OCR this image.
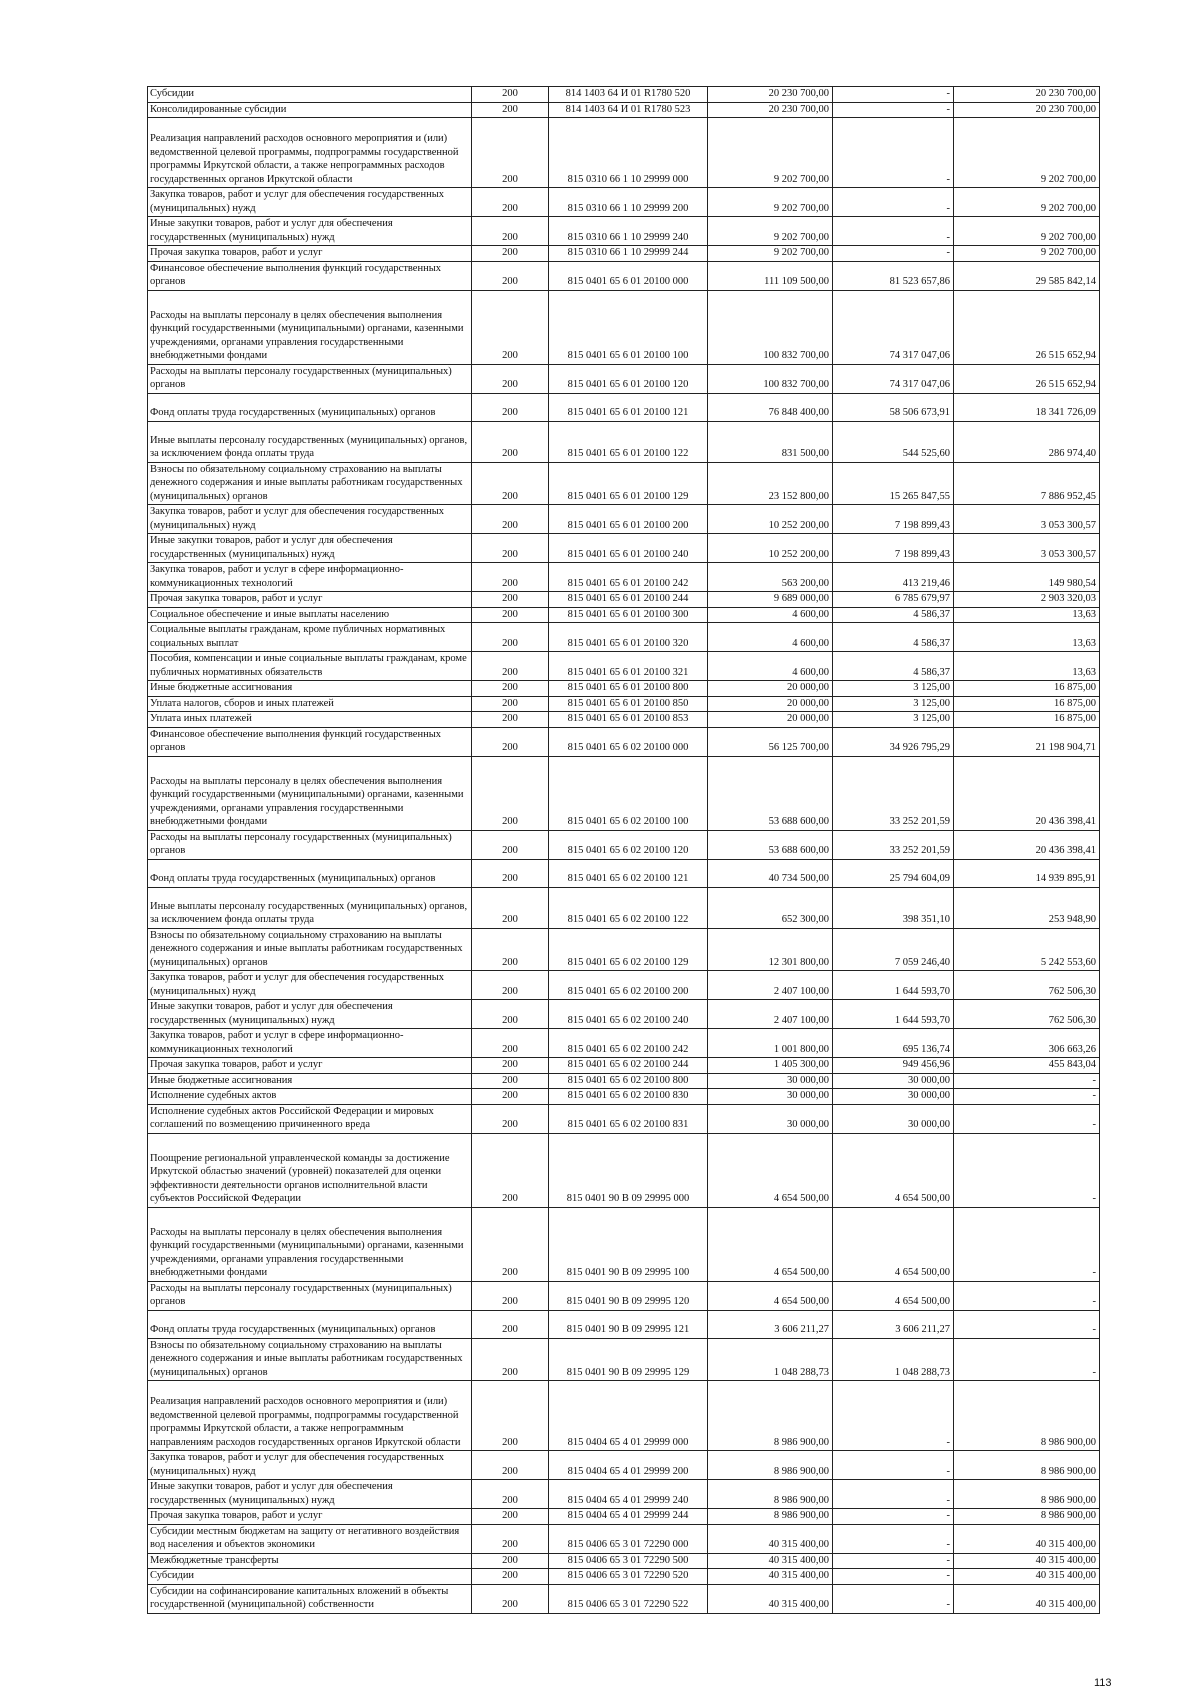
Субсидии	200	814 1403 64 И 01 R1780 520	20 230 700,00	-	20 230 700,00
Консолидированные субсидии	200	814 1403 64 И 01 R1780 523	20 230 700,00	-	20 230 700,00
Реализация направлений расходов основного мероприятия и (или) ведомственной целевой программы, подпрограммы государственной программы Иркутской области, а также непрограммных расходов государственных органов Иркутской области	200	815 0310 66 1 10 29999 000	9 202 700,00	-	9 202 700,00
Закупка товаров, работ и услуг для обеспечения государственных (муниципальных) нужд	200	815 0310 66 1 10 29999 200	9 202 700,00	-	9 202 700,00
Иные закупки товаров, работ и услуг для обеспечения государственных (муниципальных) нужд	200	815 0310 66 1 10 29999 240	9 202 700,00	-	9 202 700,00
Прочая закупка товаров, работ и услуг	200	815 0310 66 1 10 29999 244	9 202 700,00	-	9 202 700,00
Финансовое обеспечение выполнения функций государственных органов	200	815 0401 65 6 01 20100 000	111 109 500,00	81 523 657,86	29 585 842,14
Расходы на выплаты персоналу в целях обеспечения выполнения функций государственными (муниципальными) органами, казенными учреждениями, органами управления государственными внебюджетными фондами	200	815 0401 65 6 01 20100 100	100 832 700,00	74 317 047,06	26 515 652,94
Расходы на выплаты персоналу государственных (муниципальных) органов	200	815 0401 65 6 01 20100 120	100 832 700,00	74 317 047,06	26 515 652,94
Фонд оплаты труда государственных (муниципальных) органов	200	815 0401 65 6 01 20100 121	76 848 400,00	58 506 673,91	18 341 726,09
Иные выплаты персоналу государственных (муниципальных) органов, за исключением фонда оплаты труда	200	815 0401 65 6 01 20100 122	831 500,00	544 525,60	286 974,40
Взносы по обязательному социальному страхованию на выплаты денежного содержания и иные выплаты работникам государственных (муниципальных) органов	200	815 0401 65 6 01 20100 129	23 152 800,00	15 265 847,55	7 886 952,45
Закупка товаров, работ и услуг для обеспечения государственных (муниципальных) нужд	200	815 0401 65 6 01 20100 200	10 252 200,00	7 198 899,43	3 053 300,57
Иные закупки товаров, работ и услуг для обеспечения государственных (муниципальных) нужд	200	815 0401 65 6 01 20100 240	10 252 200,00	7 198 899,43	3 053 300,57
Закупка товаров, работ и услуг в сфере информационно-коммуникационных технологий	200	815 0401 65 6 01 20100 242	563 200,00	413 219,46	149 980,54
Прочая закупка товаров, работ и услуг	200	815 0401 65 6 01 20100 244	9 689 000,00	6 785 679,97	2 903 320,03
Социальное обеспечение и иные выплаты населению	200	815 0401 65 6 01 20100 300	4 600,00	4 586,37	13,63
Социальные выплаты гражданам, кроме публичных нормативных социальных выплат	200	815 0401 65 6 01 20100 320	4 600,00	4 586,37	13,63
Пособия, компенсации и иные социальные выплаты гражданам, кроме публичных нормативных обязательств	200	815 0401 65 6 01 20100 321	4 600,00	4 586,37	13,63
Иные бюджетные ассигнования	200	815 0401 65 6 01 20100 800	20 000,00	3 125,00	16 875,00
Уплата налогов, сборов и иных платежей	200	815 0401 65 6 01 20100 850	20 000,00	3 125,00	16 875,00
Уплата иных платежей	200	815 0401 65 6 01 20100 853	20 000,00	3 125,00	16 875,00
Финансовое обеспечение выполнения функций государственных органов	200	815 0401 65 6 02 20100 000	56 125 700,00	34 926 795,29	21 198 904,71
Расходы на выплаты персоналу в целях обеспечения выполнения функций государственными (муниципальными) органами, казенными учреждениями, органами управления государственными внебюджетными фондами	200	815 0401 65 6 02 20100 100	53 688 600,00	33 252 201,59	20 436 398,41
Расходы на выплаты персоналу государственных (муниципальных) органов	200	815 0401 65 6 02 20100 120	53 688 600,00	33 252 201,59	20 436 398,41
Фонд оплаты труда государственных (муниципальных) органов	200	815 0401 65 6 02 20100 121	40 734 500,00	25 794 604,09	14 939 895,91
Иные выплаты персоналу государственных (муниципальных) органов, за исключением фонда оплаты труда	200	815 0401 65 6 02 20100 122	652 300,00	398 351,10	253 948,90
Взносы по обязательному социальному страхованию на выплаты денежного содержания и иные выплаты работникам государственных (муниципальных) органов	200	815 0401 65 6 02 20100 129	12 301 800,00	7 059 246,40	5 242 553,60
Закупка товаров, работ и услуг для обеспечения государственных (муниципальных) нужд	200	815 0401 65 6 02 20100 200	2 407 100,00	1 644 593,70	762 506,30
Иные закупки товаров, работ и услуг для обеспечения государственных (муниципальных) нужд	200	815 0401 65 6 02 20100 240	2 407 100,00	1 644 593,70	762 506,30
Закупка товаров, работ и услуг в сфере информационно-коммуникационных технологий	200	815 0401 65 6 02 20100 242	1 001 800,00	695 136,74	306 663,26
Прочая закупка товаров, работ и услуг	200	815 0401 65 6 02 20100 244	1 405 300,00	949 456,96	455 843,04
Иные бюджетные ассигнования	200	815 0401 65 6 02 20100 800	30 000,00	30 000,00	-
Исполнение судебных актов	200	815 0401 65 6 02 20100 830	30 000,00	30 000,00	-
Исполнение судебных актов Российской Федерации и мировых соглашений по возмещению причиненного вреда	200	815 0401 65 6 02 20100 831	30 000,00	30 000,00	-
Поощрение региональной управленческой команды за достижение Иркутской областью значений (уровней) показателей для оценки эффективности деятельности органов исполнительной власти субъектов Российской Федерации	200	815 0401 90 В 09 29995 000	4 654 500,00	4 654 500,00	-
Расходы на выплаты персоналу в целях обеспечения выполнения функций государственными (муниципальными) органами, казенными учреждениями, органами управления государственными внебюджетными фондами	200	815 0401 90 В 09 29995 100	4 654 500,00	4 654 500,00	-
Расходы на выплаты персоналу государственных (муниципальных) органов	200	815 0401 90 В 09 29995 120	4 654 500,00	4 654 500,00	-
Фонд оплаты труда государственных (муниципальных) органов	200	815 0401 90 В 09 29995 121	3 606 211,27	3 606 211,27	-
Взносы по обязательному социальному страхованию на выплаты денежного содержания и иные выплаты работникам государственных (муниципальных) органов	200	815 0401 90 В 09 29995 129	1 048 288,73	1 048 288,73	-
Реализация направлений расходов основного мероприятия и (или) ведомственной целевой программы, подпрограммы государственной программы Иркутской области, а также непрограммным направлениям расходов государственных органов Иркутской области	200	815 0404 65 4 01 29999 000	8 986 900,00	-	8 986 900,00
Закупка товаров, работ и услуг для обеспечения государственных (муниципальных) нужд	200	815 0404 65 4 01 29999 200	8 986 900,00	-	8 986 900,00
Иные закупки товаров, работ и услуг для обеспечения государственных (муниципальных) нужд	200	815 0404 65 4 01 29999 240	8 986 900,00	-	8 986 900,00
Прочая закупка товаров, работ и услуг	200	815 0404 65 4 01 29999 244	8 986 900,00	-	8 986 900,00
Субсидии местным бюджетам на защиту от негативного воздействия вод населения и объектов экономики	200	815 0406 65 3 01 72290 000	40 315 400,00	-	40 315 400,00
Межбюджетные трансферты	200	815 0406 65 3 01 72290 500	40 315 400,00	-	40 315 400,00
Субсидии	200	815 0406 65 3 01 72290 520	40 315 400,00	-	40 315 400,00
Субсидии на софинансирование капитальных вложений в объекты государственной (муниципальной) собственности	200	815 0406 65 3 01 72290 522	40 315 400,00	-	40 315 400,00
113
